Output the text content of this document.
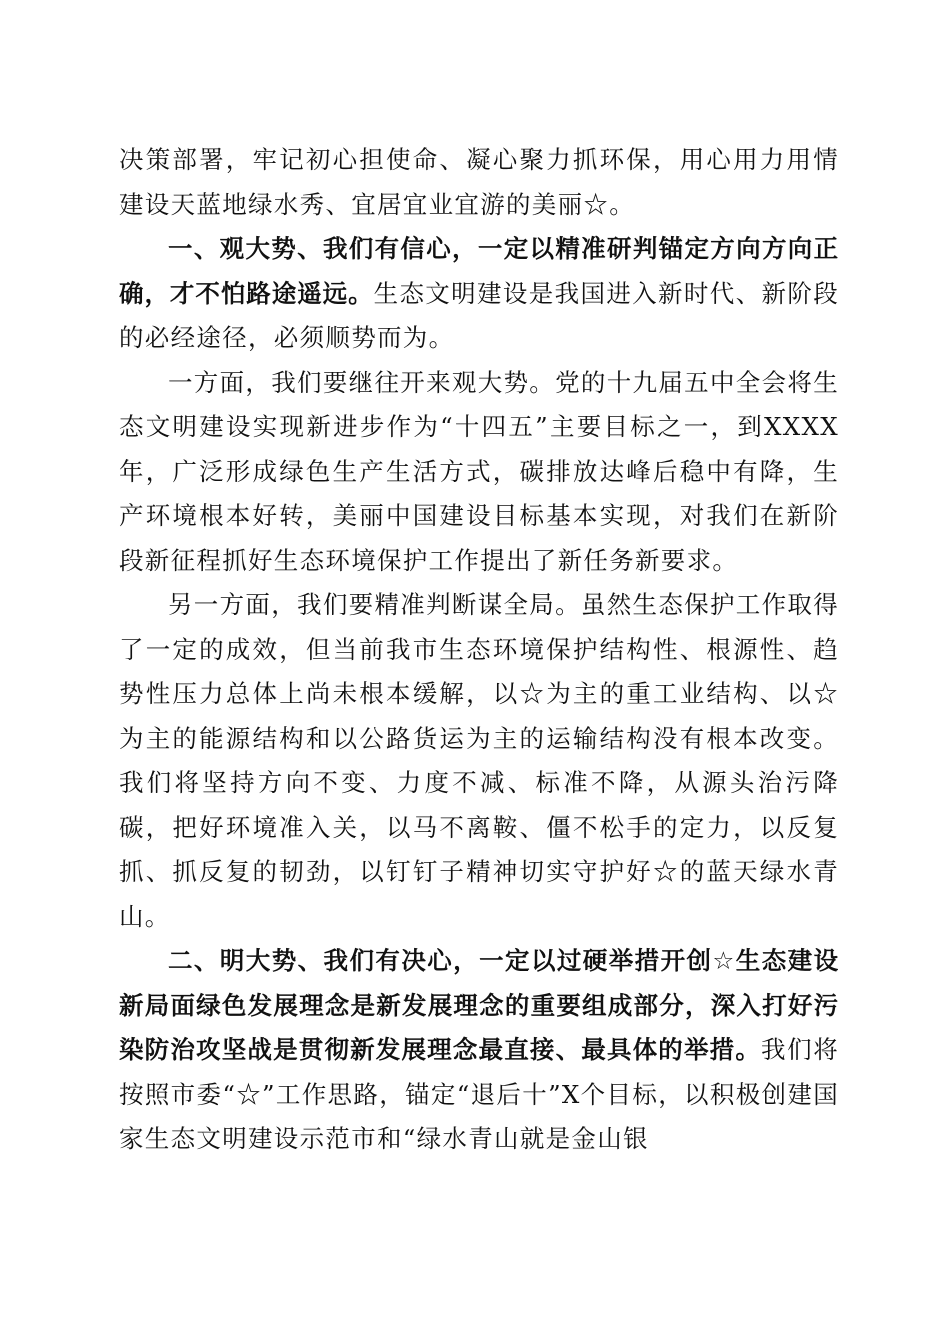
决策部署，牢记初心担使命、凝心聚力抓环保，用心用力用情建设天蓝地绿水秀、宜居宜业宜游的美丽☆。

一、观大势、我们有信心，一定以精准研判锚定方向方向正确，才不怕路途遥远。生态文明建设是我国进入新时代、新阶段的必经途径，必须顺势而为。

一方面，我们要继往开来观大势。党的十九届五中全会将生态文明建设实现新进步作为“十四五”主要目标之一，到XXXX年，广泛形成绿色生产生活方式，碳排放达峰后稳中有降，生产环境根本好转，美丽中国建设目标基本实现，对我们在新阶段新征程抓好生态环境保护工作提出了新任务新要求。

另一方面，我们要精准判断谋全局。虽然生态保护工作取得了一定的成效，但当前我市生态环境保护结构性、根源性、趋势性压力总体上尚未根本缓解，以☆为主的重工业结构、以☆为主的能源结构和以公路货运为主的运输结构没有根本改变。我们将坚持方向不变、力度不减、标准不降，从源头治污降碳，把好环境准入关，以马不离鞍、僵不松手的定力，以反复抓、抓反复的韧劲，以钉钉子精神切实守护好☆的蓝天绿水青山。

二、明大势、我们有决心，一定以过硬举措开创☆生态建设新局面绿色发展理念是新发展理念的重要组成部分，深入打好污染防治攻坚战是贯彻新发展理念最直接、最具体的举措。我们将按照市委“☆”工作思路，锚定“退后十”X个目标，以积极创建国家生态文明建设示范市和“绿水青山就是金山银
